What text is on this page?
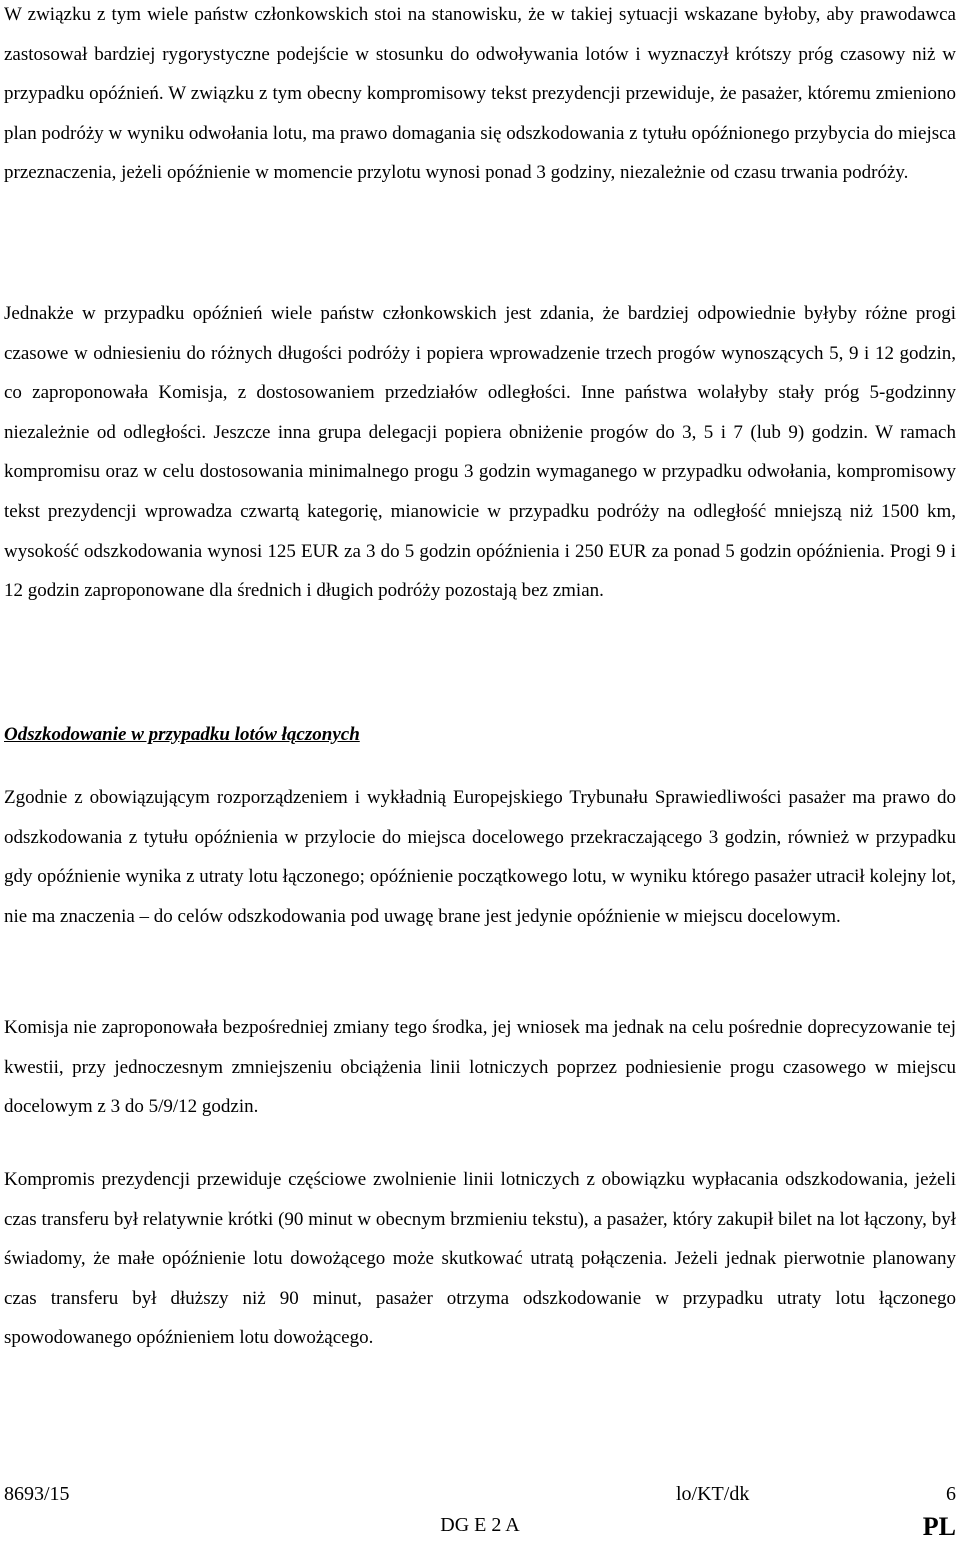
W związku z tym wiele państw członkowskich stoi na stanowisku, że w takiej sytuacji wskazane byłoby, aby prawodawca zastosował bardziej rygorystyczne podejście w stosunku do odwoływania lotów i wyznaczył krótszy próg czasowy niż w przypadku opóźnień. W związku z tym obecny kompromisowy tekst prezydencji przewiduje, że pasażer, któremu zmieniono plan podróży w wyniku odwołania lotu, ma prawo domagania się odszkodowania z tytułu opóźnionego przybycia do miejsca przeznaczenia, jeżeli opóźnienie w momencie przylotu wynosi ponad 3 godziny, niezależnie od czasu trwania podróży.

Jednakże w przypadku opóźnień wiele państw członkowskich jest zdania, że bardziej odpowiednie byłyby różne progi czasowe w odniesieniu do różnych długości podróży i popiera wprowadzenie trzech progów wynoszących 5, 9 i 12 godzin, co zaproponowała Komisja, z dostosowaniem przedziałów odległości. Inne państwa wolałyby stały próg 5-godzinny niezależnie od odległości. Jeszcze inna grupa delegacji popiera obniżenie progów do 3, 5 i 7 (lub 9) godzin. W ramach kompromisu oraz w celu dostosowania minimalnego progu 3 godzin wymaganego w przypadku odwołania, kompromisowy tekst prezydencji wprowadza czwartą kategorię, mianowicie w przypadku podróży na odległość mniejszą niż 1500 km, wysokość odszkodowania wynosi 125 EUR za 3 do 5 godzin opóźnienia i 250 EUR za ponad 5 godzin opóźnienia. Progi 9 i 12 godzin zaproponowane dla średnich i długich podróży pozostają bez zmian.

Odszkodowanie w przypadku lotów łączonych

Zgodnie z obowiązującym rozporządzeniem i wykładnią Europejskiego Trybunału Sprawiedliwości pasażer ma prawo do odszkodowania z tytułu opóźnienia w przylocie do miejsca docelowego przekraczającego 3 godzin, również w przypadku gdy opóźnienie wynika z utraty lotu łączonego; opóźnienie początkowego lotu, w wyniku którego pasażer utracił kolejny lot, nie ma znaczenia – do celów odszkodowania pod uwagę brane jest jedynie opóźnienie w miejscu docelowym.

Komisja nie zaproponowała bezpośredniej zmiany tego środka, jej wniosek ma jednak na celu pośrednie doprecyzowanie tej kwestii, przy jednoczesnym zmniejszeniu obciążenia linii lotniczych poprzez podniesienie progu czasowego w miejscu docelowym z 3 do 5/9/12 godzin.

Kompromis prezydencji przewiduje częściowe zwolnienie linii lotniczych z obowiązku wypłacania odszkodowania, jeżeli czas transferu był relatywnie krótki (90 minut w obecnym brzmieniu tekstu), a pasażer, który zakupił bilet na lot łączony, był świadomy, że małe opóźnienie lotu dowożącego może skutkować utratą połączenia. Jeżeli jednak pierwotnie planowany czas transferu był dłuższy niż 90 minut, pasażer otrzyma odszkodowanie w przypadku utraty lotu łączonego spowodowanego opóźnieniem lotu dowożącego.

8693/15	lo/KT/dk	6
DG E 2 A	PL
